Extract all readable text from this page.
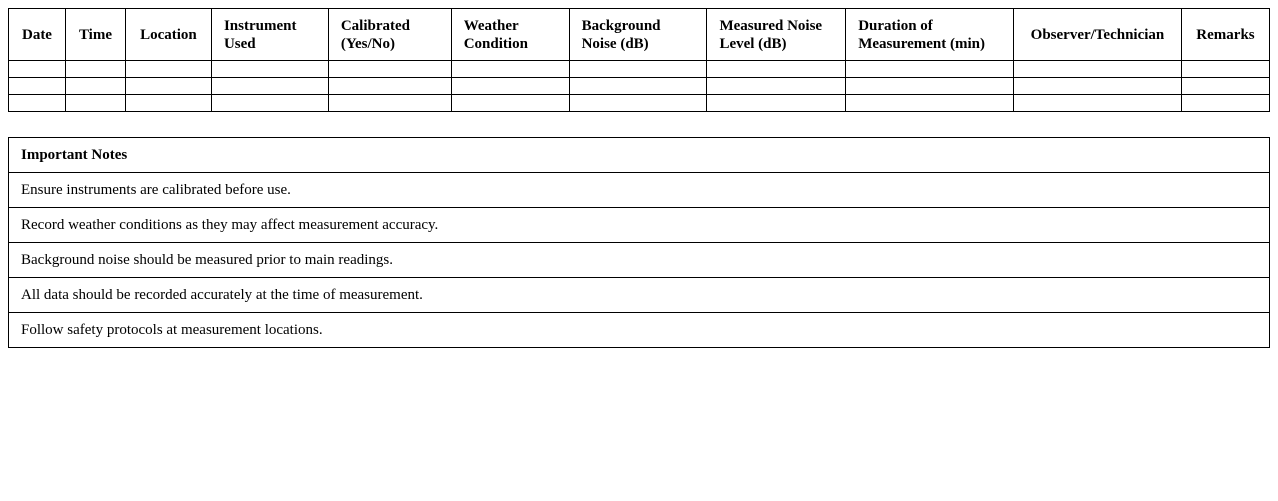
Date	Time	Location	Instrument Used	Calibrated (Yes/No)	Weather Condition	Background Noise (dB)	Measured Noise Level (dB)	Duration of Measurement (min)	Observer/Technician	Remarks

Important Notes
Ensure instruments are calibrated before use.
Record weather conditions as they may affect measurement accuracy.
Background noise should be measured prior to main readings.
All data should be recorded accurately at the time of measurement.
Follow safety protocols at measurement locations.
